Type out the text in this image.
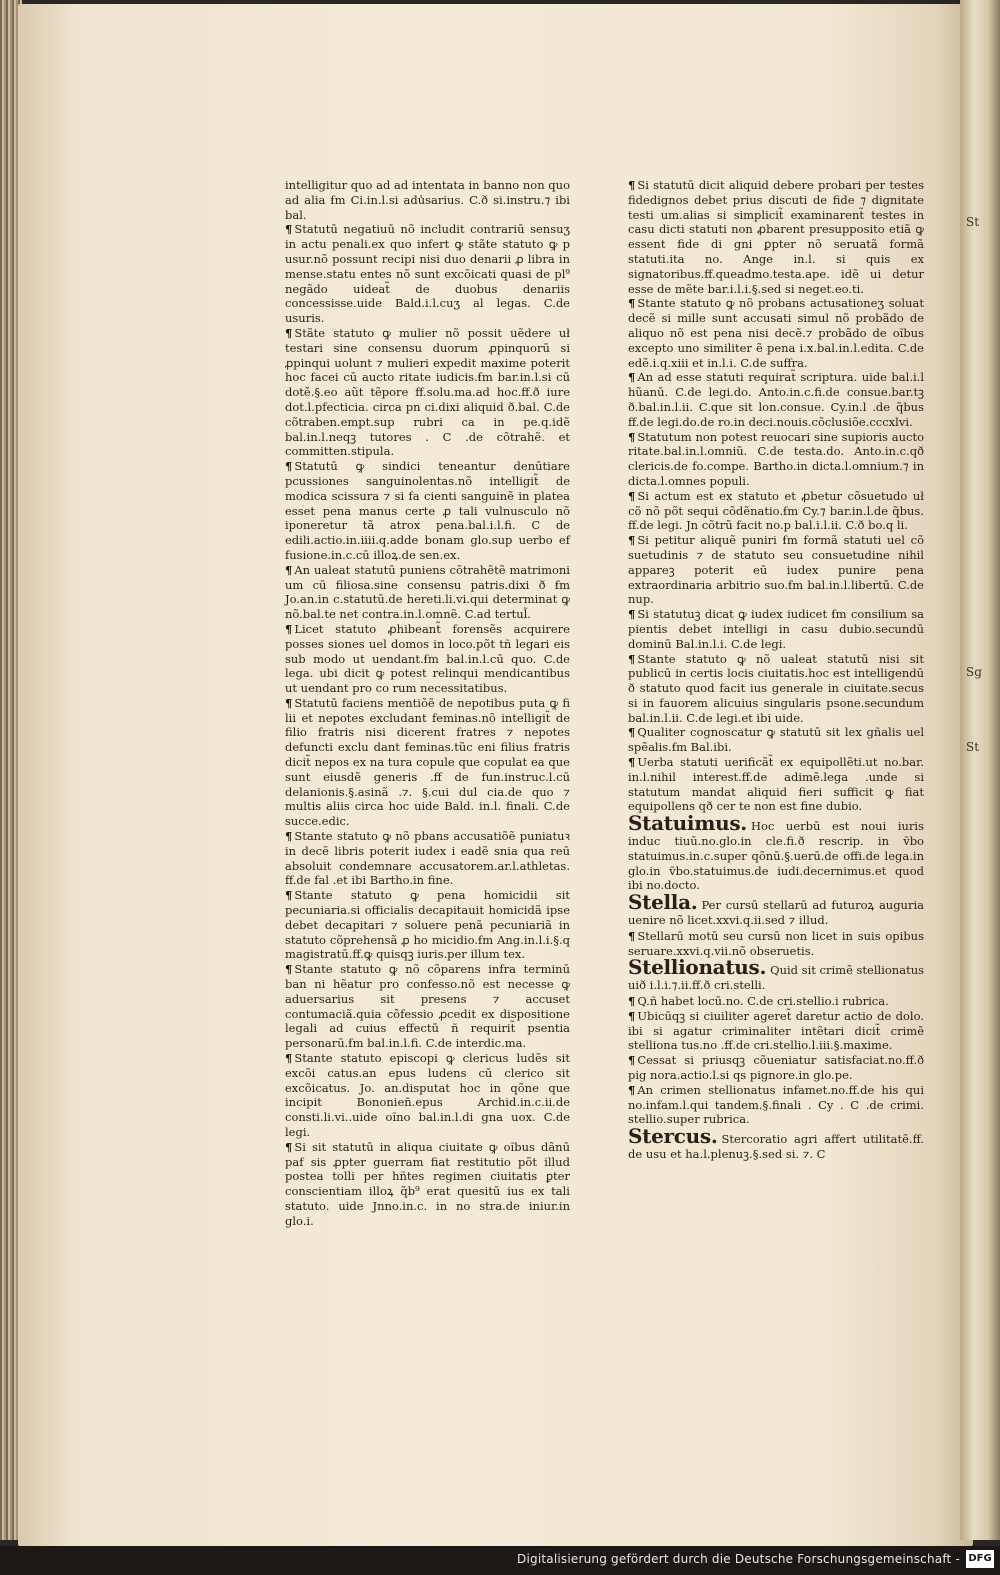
St
Sg
St

intelligitur quo ad ad intentata in banno non quo ad alia ẜm Ci.in.l.si adu̾sarius. C.ð si.instru.⁊ ibi bal.

¶ Statutū negatiuū nõ includit contrariū sensuʒ in actu penali.ex quo infert ꝙ stãte statuto ꝙ p usur.nõ possunt recipi nisi duo denarii ꝓ libra in mense.statu entes nõ sunt excõicati quasi de pl⁹ negãdo uideat̃ de duobus denariis concessisse.uide Bald.i.l.cuʒ al legas. C.de usuris.

¶ Stãte statuto ꝙ mulier nõ possit uẽdere uł testari sine consensu duorum ꝓpinquorū si ꝓpinqui uolunt ⁊ mulieri expedit maxime poterit hoc facei cū aucto ritate iudicis.ẜm bar.in.l.si cū dotẽ.§.eo aũt tẽpore ff.solu.ma.ad hoc.ff.ð iure dot.l.pfecticia. circa pn ci.dixi aliquid ð.bal. C.de cõtraben.empt.sup rubri ca in pe.q.idẽ bal.in.l.neqꝫ tutores . C .de cõtrahẽ. et committen.stipula.

¶ Statutū ꝙ sindici teneantur denūtiare pcussiones sanguinolentas.nõ intelligit̃ de modica scissura ⁊ si fa cienti sanguinẽ in platea esset pena manus certe ꝓ tali vulnusculo nõ iponeretur tã atrox pena.bal.i.l.fi. C de edili.actio.in.iiii.q.adde bonam glo.sup uerbo ef fusione.in.c.cū illoꝝ.de sen.ex.

¶ An ualeat statutū puniens cõtrahẽtẽ matrimoni um cū filiosa.sine consensu patris.dixi ð ẜm Jo.an.in c.statutū.de hereti.li.vi.qui determinat ꝙ nõ.bal.te net contra.in.l.omnẽ. C.ad tertul̃.

¶ Licet statuto ꝓhibeant̃ forensẽs acquirere posses siones uel domos in loco.põt tñ legari eis sub modo ut uendant.ẜm bal.in.l.cū quo. C.de lega. ubi dicit ꝙ potest relinqui mendicantibus ut uendant pro co rum necessitatibus.

¶ Statutū faciens mentiõẽ de nepotibus puta ꝙ fi lii et nepotes excludant feminas.nõ intelligit̃ de filio fratris nisi dicerent fratres ⁊ nepotes defuncti exclu dant feminas.tũc eni filius fratris dicit̃ nepos ex na tura copule que copulat ea que sunt eiusdẽ generis .ff de fun.instruc.l.cū delanionis.§.asinã .⁊. §.cui dul cia.de quo ⁊ multis aliis circa hoc uide Bald. in.l. finali. C.de succe.edic.

¶ Stante statuto ꝙ nõ pbans accusatiõẽ puniatuꝛ in decẽ libris poterit iudex i eadẽ snia qua reū absoluit condemnare accusatorem.ar.l.athletas. ff.de fal .et ibi Bartho.in fine.

¶ Stante statuto ꝙ pena homicidii sit pecuniaria.si officialis decapitauit homicidã ipse debet decapitari ⁊ soluere penã pecuniariã in statuto cõprehensã ꝓ ho micidio.ẜm Ang.in.l.i.§.q magistratū.ff.ꝙ quisqꝫ iuris.per illum tex.

¶ Stante statuto ꝙ nõ cõparens infra terminū ban ni hẽatur pro confesso.nõ est necesse ꝙ aduersarius sit presens ⁊ accuset contumaciã.quia cõfessio ꝓcedit ex dispositione legali ad cuius effectū ñ requirit̃ psentia personarū.ẜm bal.in.l.fi. C.de interdic.ma.

¶ Stante statuto episcopi ꝙ clericus ludẽs sit excõi catus.an epus ludens cū clerico sit excõicatus. Jo. an.disputat hoc in qõne que incipit Bononien̄.epus Archid.in.c.ii.de consti.li.vi..uide oĩno bal.in.l.di gna uox. C.de legi.

¶ Si sit statutū in aliqua ciuitate ꝙ oĩbus dãnū paf sis ꝓpter guerram fiat restitutio põt illud postea tolli per hñtes regimen ciuitatis ꝑter conscientiam illoꝝ q̃b⁹ erat quesitū ius ex tali statuto. uide Jnno.in.c. in no stra.de iniur.in glo.i.

¶ Si statutū dicit aliquid debere probari per testes fidedignos debet prius discuti de fide ⁊ dignitate testi um.alias si simplicit̃ examinarent̃ testes in casu dicti statuti non ꝓbarent presupposito etiã ꝙ essent fide di gni ꝑpter nõ seruatã formã statuti.ita no. Ange in.l. si quis ex signatoribus.ff.queadmo.testa.ape. idẽ ui detur esse de mẽte bar.i.l.i.§.sed si neget.eo.ti.

¶ Stante statuto ꝙ nõ probans actusationeʒ soluat decẽ si mille sunt accusati simul nõ probãdo de aliquo nõ est pena nisi decẽ.⁊ probãdo de oĩbus excepto uno similiter ẽ pena i.x.bal.in.l.edita. C.de edẽ.i.q.xiii et in.l.i. C.de suffra.

¶ An ad esse statuti requirat̃ scriptura. uide bal.i.l hũanū. C.de legi.do. Anto.in.c.fi.de consue.bar.tꝫ ð.bal.in.l.ii. C.que sit lon.consue. Cy.in.l .de q̃bus ff.de legi.do.de ro.in deci.nouis.cõclusiõe.cccxlvi.

¶ Statutum non potest reuocari sine supioris aucto ritate.bal.in.l.omniũ. C.de testa.do. Anto.in.c.qð clericis.de fo.compe. Bartho.in dicta.l.omnium.⁊ in dicta.l.omnes populi.

¶ Si actum est ex statuto et ꝓbetur cõsuetudo uł cõ nõ põt sequi cõdẽnatio.ẜm Cy.⁊ bar.in.l.de q̃bus. ff.de legi. Jn cõtrũ facit no.p bal.i.l.ii. C.ð bo.q li.

¶ Si petitur aliquẽ puniri ẜm formã statuti uel cõ suetudinis ⁊ de statuto seu consuetudine nihil appareꝫ poterit eū iudex punire pena extraordinaria arbitrio suo.ẜm bal.in.l.libertū. C.de nup.

¶ Si statutuꝫ dicat ꝙ iudex iudicet ẜm consilium sa pientis debet intelligi in casu dubio.secundū dominū Bal.in.l.i. C.de legi.

¶ Stante statuto ꝙ nõ ualeat statutū nisi sit publicū in certis locis ciuitatis.hoc est intelligendū ð statuto quod facit ius generale in ciuitate.secus si in fauorem alicuius singularis psone.secundum bal.in.l.ii. C.de legi.et ibi uide.

¶ Qualiter cognoscatur ꝙ statutū sit lex gñalis uel spẽalis.ẜm Bal.ibi.

¶ Uerba statuti uerificãt̃ ex equipollẽti.ut no.bar. in.l.nihil interest.ff.de adimẽ.lega .unde si statutum mandat aliquid fieri sufficit ꝙ fiat equipollens qð cer te non est fine dubio.

Statuimus. Hoc uerbū est noui iuris induc tiuū.no.glo.in cle.fi.ð rescrip. in ṽbo statuimus.in.c.super qõnū.§.uerū.de offi.de lega.in glo.in ṽbo.statuimus.de iudi.decernimus.et quod ibi no.docto.

Stella. Per cursū stellarū ad futuroꝝ auguria uenire nõ licet.xxvi.q.ii.sed ⁊ illud.

¶ Stellarū motū seu cursū non licet in suis opibus seruare.xxvi.q.vii.nõ obseruetis.

Stellionatus. Quid sit crimẽ stellionatus uið i.l.i.⁊.ii.ff.ð cri.stelli.

¶ Q.ñ habet locū.no. C.de cri.stellio.i rubrica.

¶ Ubicūqꝫ si ciuiliter ageret̃ daretur actio de dolo. ibi si agatur criminaliter intẽtari dicit̃ crimẽ stelliona tus.no .ff.de cri.stellio.l.iii.§.maxime.

¶ Cessat si priusqꝫ cõueniatur satisfaciat.no.ff.ð pig nora.actio.l.si qs pignore.in glo.pe.

¶ An crimen stellionatus infamet.no.ff.de his qui no.infam.l.qui tandem.§.finali . Cy . C .de crimi. stellio.super rubrica.

Stercus. Stercoratio agri affert utilitatẽ.ff. de usu et ha.l.plenuꝫ.§.sed si. ⁊. C

Digitalisierung gefördert durch die Deutsche Forschungsgemeinschaft - DFG
